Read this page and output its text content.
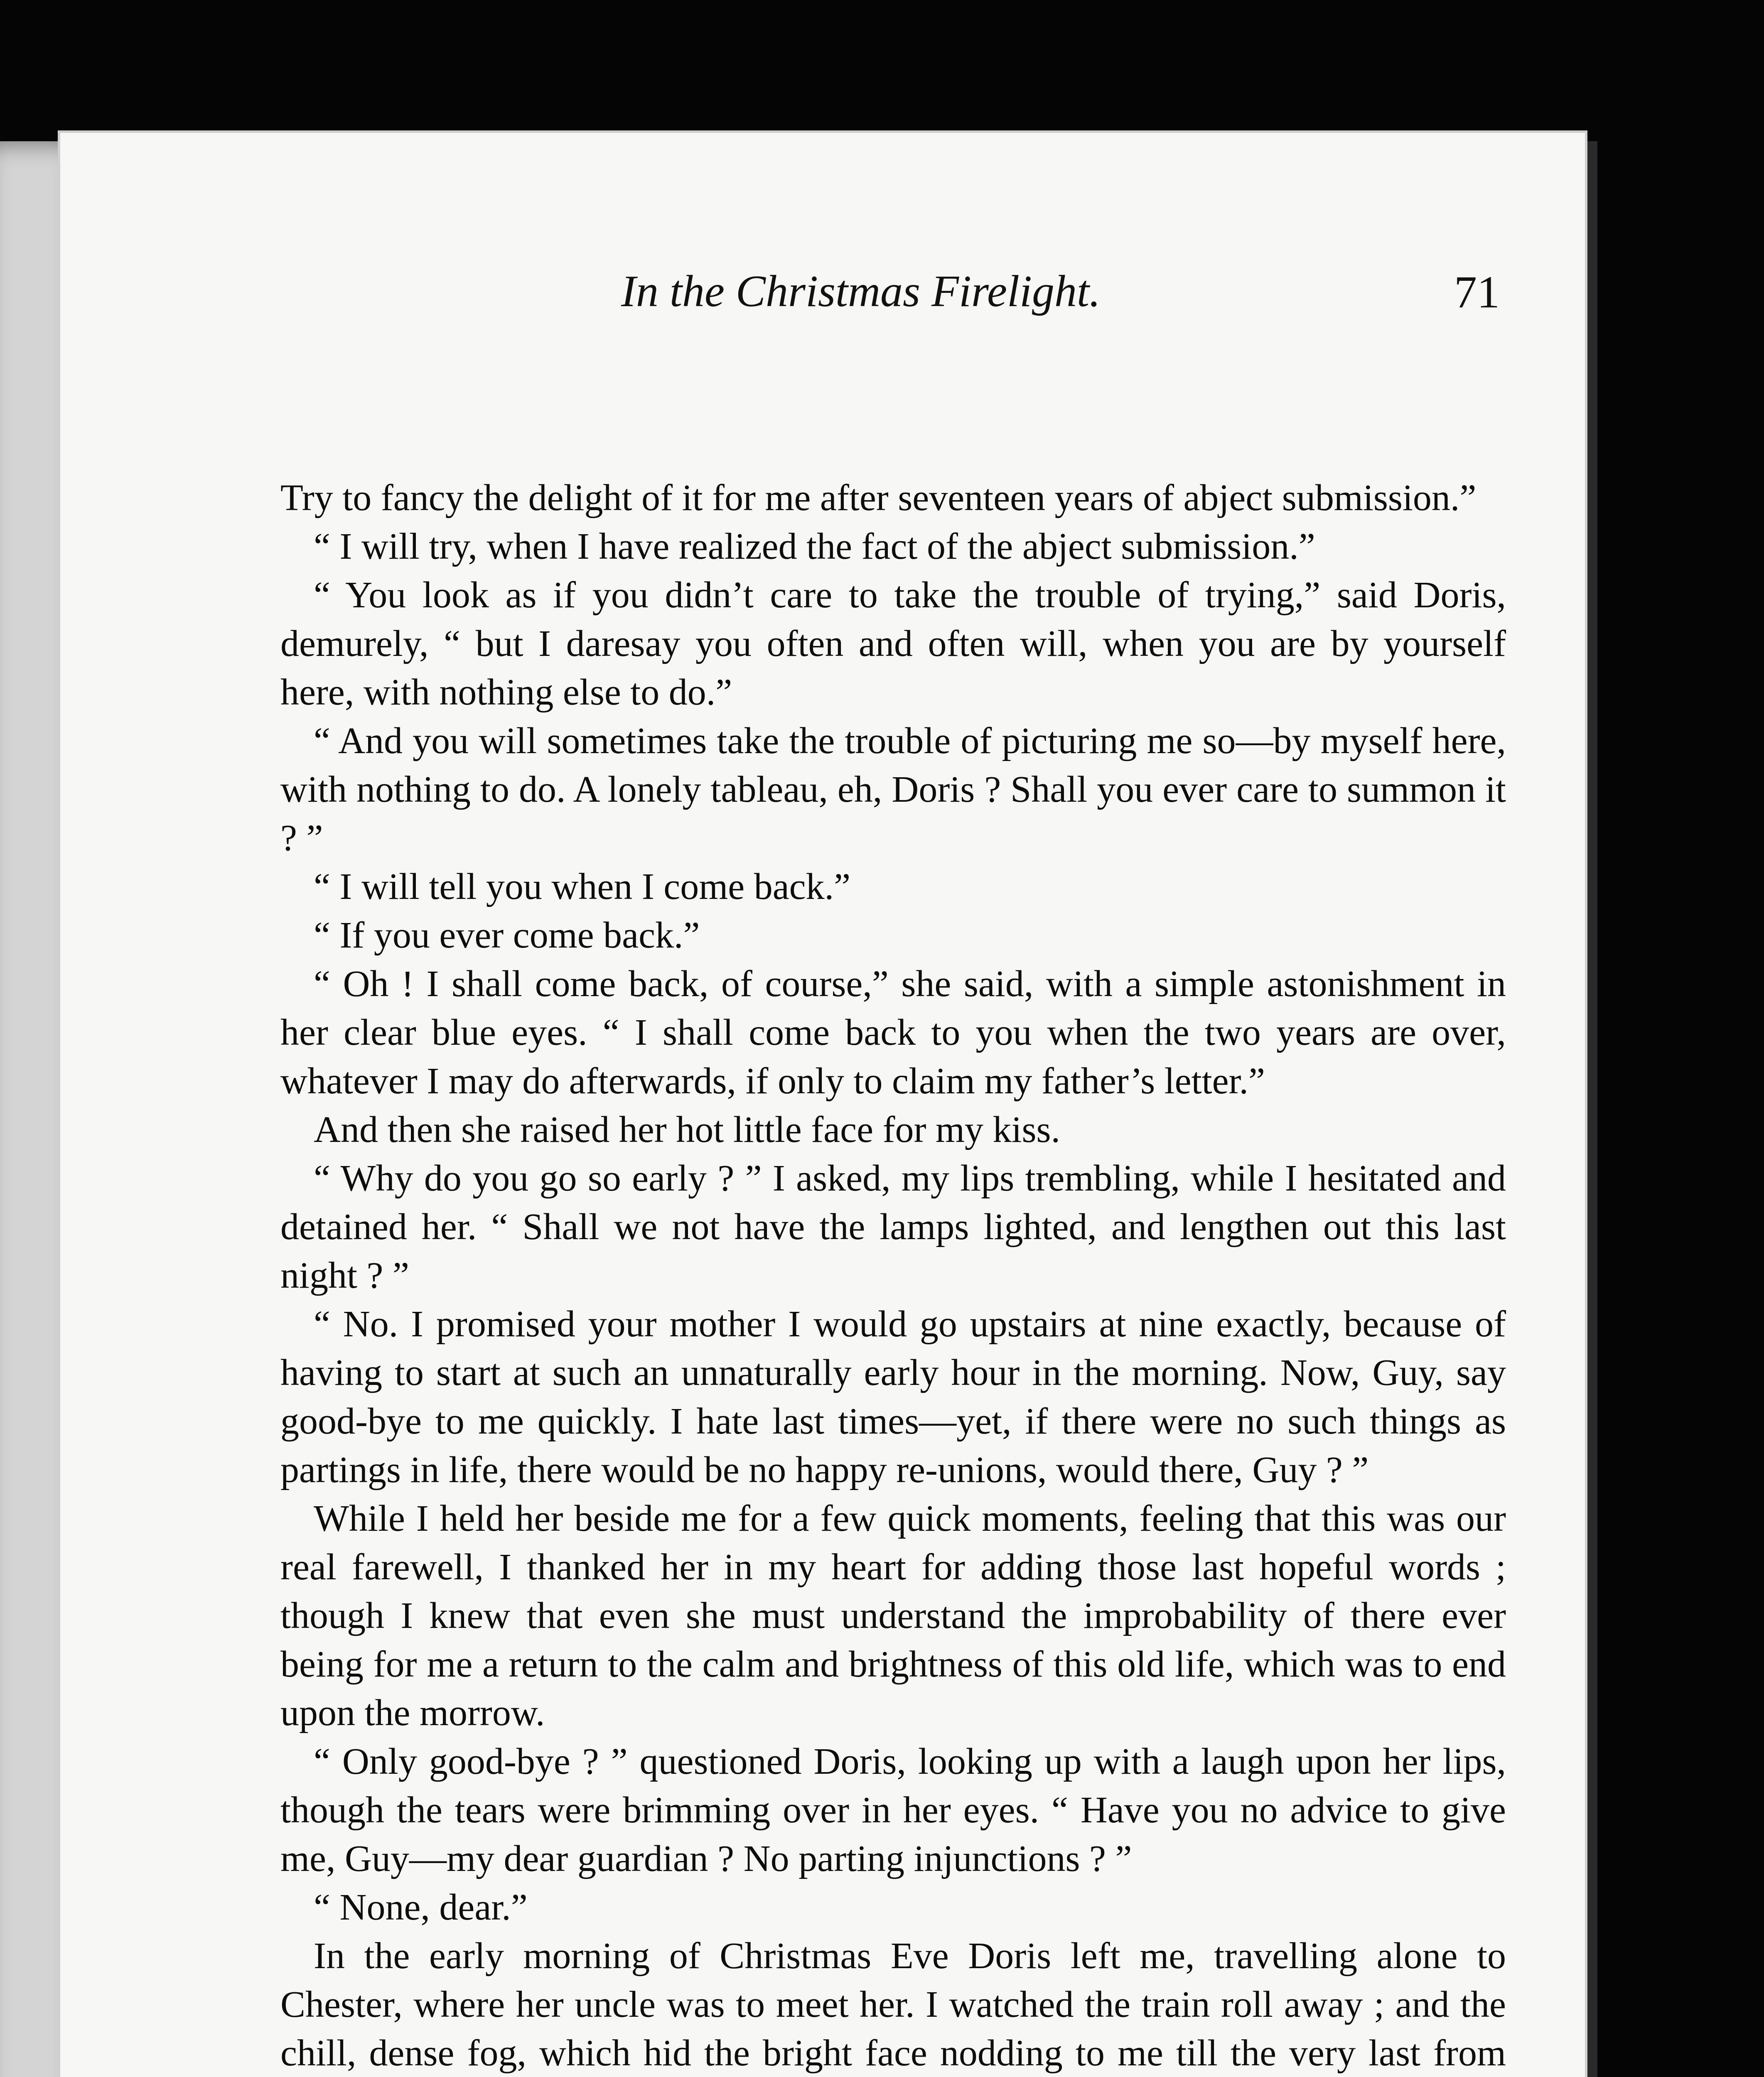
In the Christmas Firelight.	71

Try to fancy the delight of it for me after seventeen years of abject submission.”

“ I will try, when I have realized the fact of the abject submission.”

“ You look as if you didn’t care to take the trouble of trying,” said Doris, demurely, “ but I daresay you often and often will, when you are by yourself here, with nothing else to do.”

“ And you will sometimes take the trouble of picturing me so—by myself here, with nothing to do. A lonely tableau, eh, Doris ? Shall you ever care to summon it ? ”

“ I will tell you when I come back.”

“ If you ever come back.”

“ Oh ! I shall come back, of course,” she said, with a simple astonishment in her clear blue eyes. “ I shall come back to you when the two years are over, whatever I may do afterwards, if only to claim my father’s letter.”

And then she raised her hot little face for my kiss.

“ Why do you go so early ? ” I asked, my lips trembling, while I hesitated and detained her. “ Shall we not have the lamps lighted, and lengthen out this last night ? ”

“ No. I promised your mother I would go upstairs at nine exactly, because of having to start at such an unnaturally early hour in the morning. Now, Guy, say good-bye to me quickly. I hate last times—yet, if there were no such things as partings in life, there would be no happy re-unions, would there, Guy ? ”

While I held her beside me for a few quick moments, feeling that this was our real farewell, I thanked her in my heart for adding those last hopeful words ; though I knew that even she must understand the improbability of there ever being for me a return to the calm and brightness of this old life, which was to end upon the morrow.

“ Only good-bye ? ” questioned Doris, looking up with a laugh upon her lips, though the tears were brimming over in her eyes. “ Have you no advice to give me, Guy—my dear guardian ? No parting injunctions ? ”

“ None, dear.”

In the early morning of Christmas Eve Doris left me, travelling alone to Chester, where her uncle was to meet her. I watched the train roll away ; and the chill, dense fog, which hid the bright face nodding to me till the very last from
